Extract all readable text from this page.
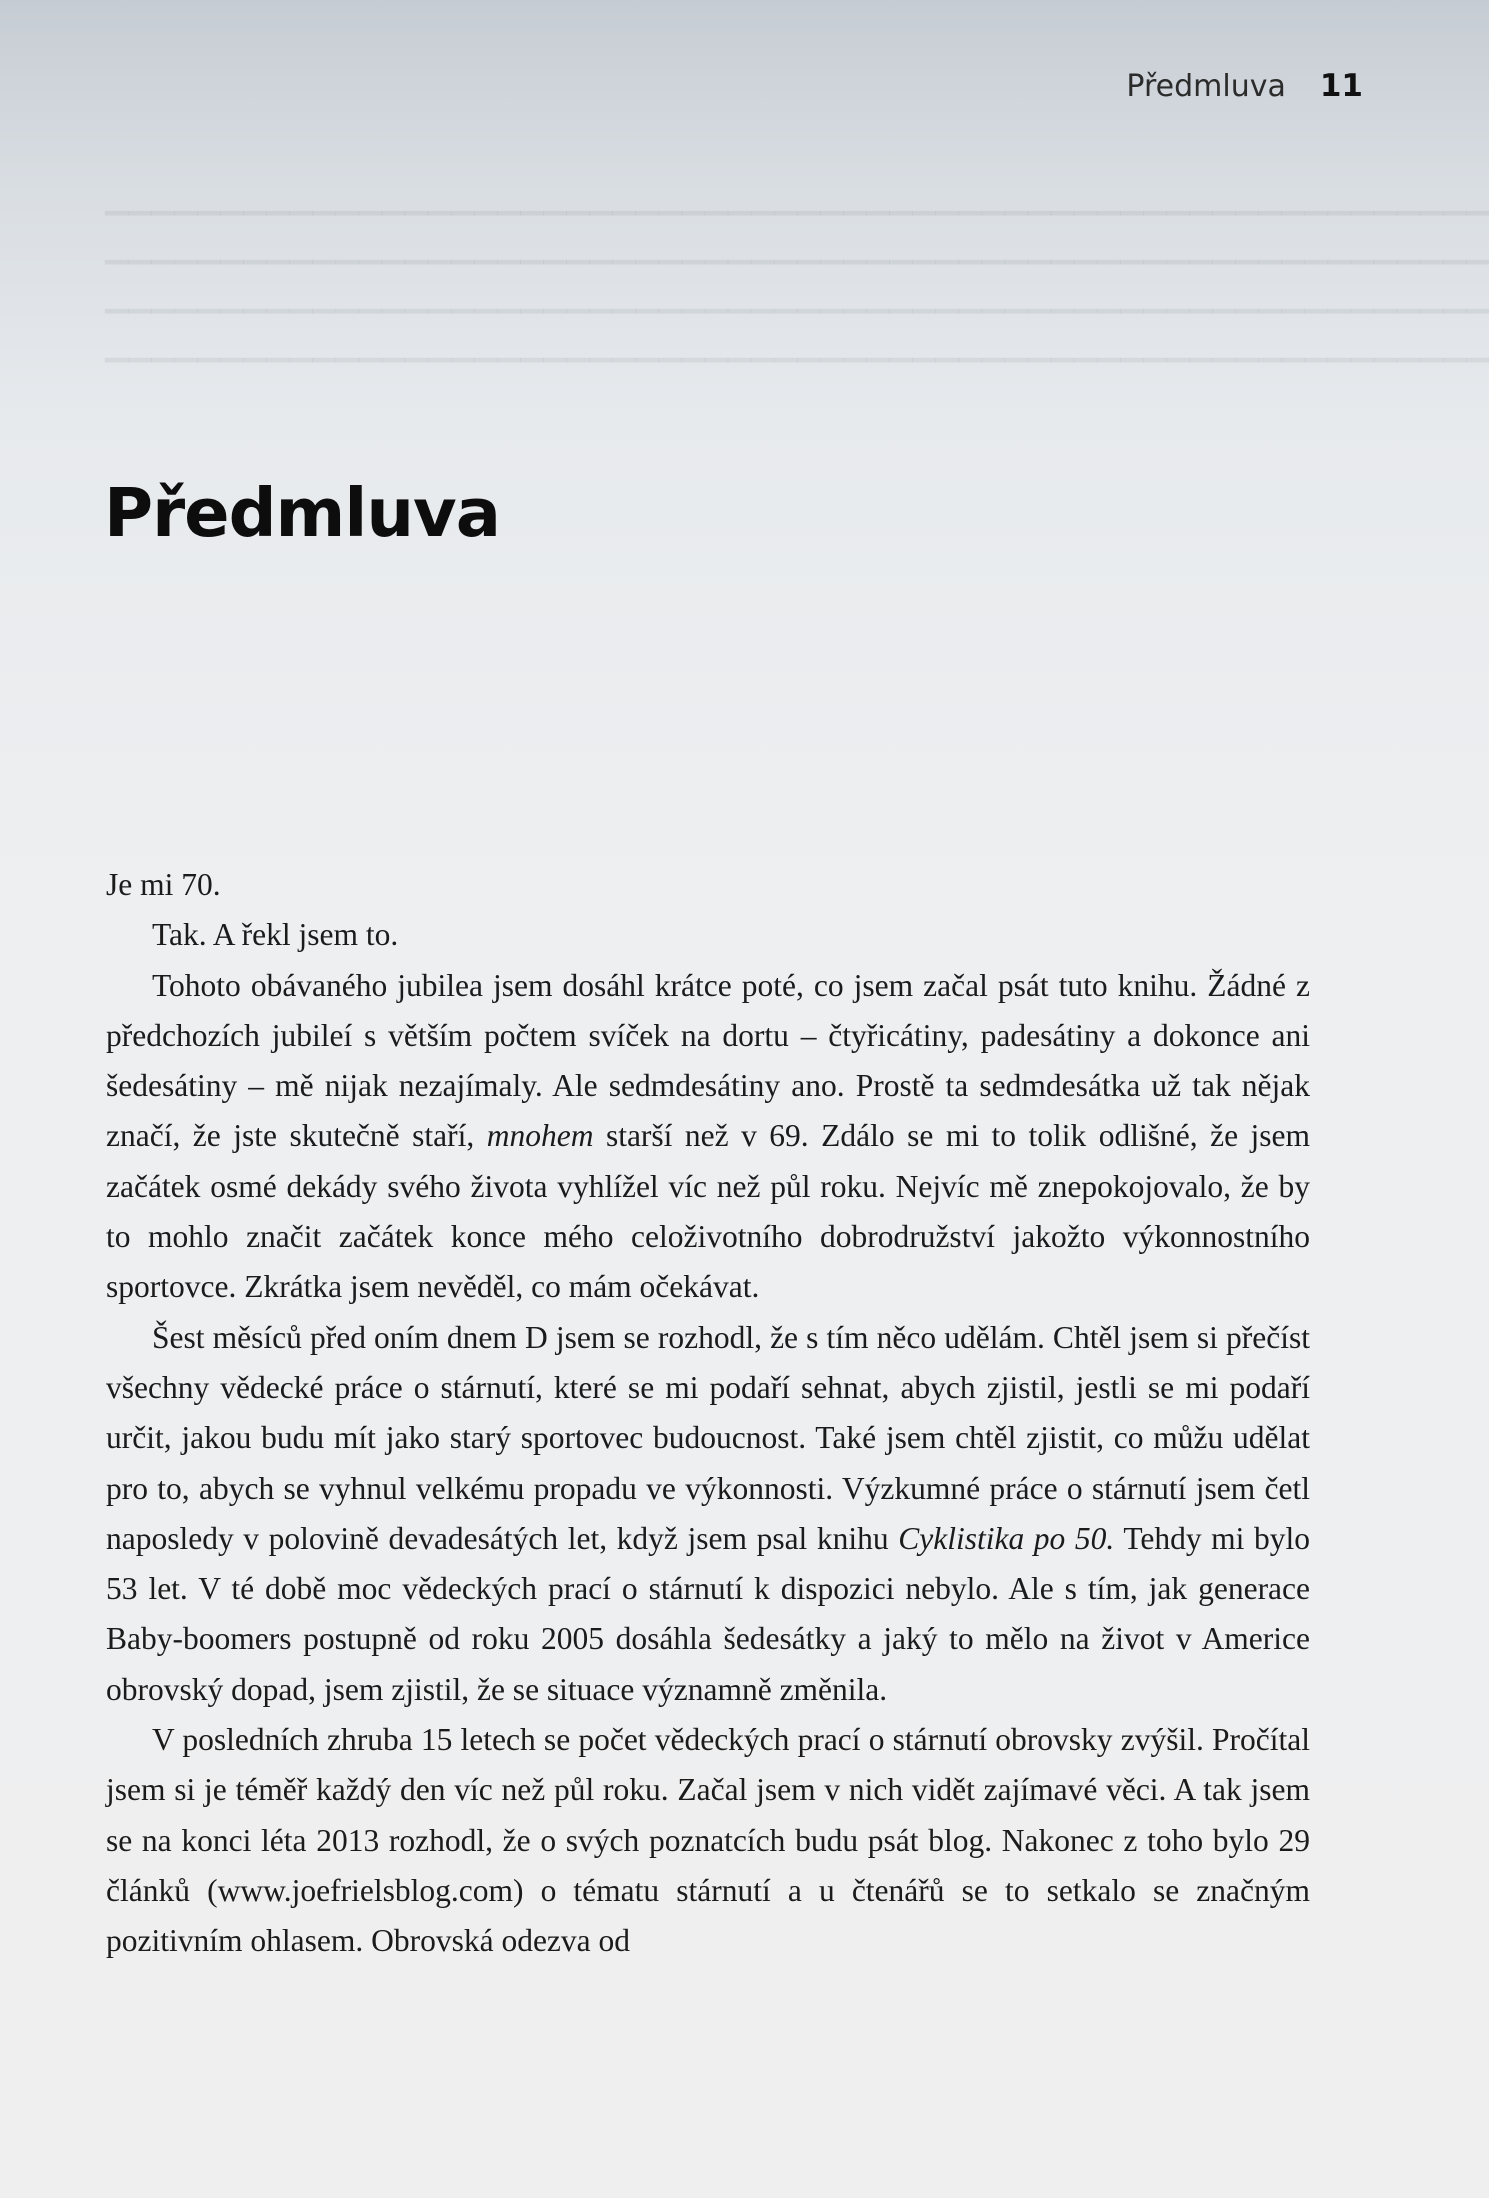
Předmluva 11
▔▔▔▔▔▔▔▔▔▔▔▔▔▔▔▔▔▔▔▔▔▔▔▔▔▔▔▔▔▔▔▔▔▔▔▔▔▔▔▔▔▔▔▔▔▔▔▔▔▔▔▔▔▔▔▔▔▔▔▔
▔▔▔▔▔▔▔▔▔▔▔▔▔▔▔▔▔▔▔▔▔▔▔▔▔▔▔▔▔▔▔▔▔▔▔▔▔▔▔▔▔▔▔▔▔▔▔▔▔▔▔▔▔▔▔▔▔▔▔▔
▔▔▔▔▔▔▔▔▔▔▔▔▔▔▔▔▔▔▔▔▔▔▔▔▔▔▔▔▔▔▔▔▔▔▔▔▔▔▔▔▔▔▔▔▔▔▔▔▔▔▔▔▔▔▔▔▔▔▔▔
▔▔▔▔▔▔▔▔▔▔▔▔▔▔▔▔▔▔▔▔▔▔▔▔▔▔▔▔▔▔▔▔▔▔▔▔▔▔▔▔▔▔▔▔▔▔▔▔▔▔▔▔▔▔▔▔▔▔▔▔
Předmluva

Je mi 70.

Tak. A řekl jsem to.

Tohoto obávaného jubilea jsem dosáhl krátce poté, co jsem začal psát tuto knihu. Žádné z předchozích jubileí s větším počtem svíček na dortu – čtyřicátiny, padesátiny a dokonce ani šedesátiny – mě nijak nezajímaly. Ale sedmdesátiny ano. Prostě ta sedmdesátka už tak nějak značí, že jste skutečně staří, mnohem starší než v 69. Zdálo se mi to tolik odlišné, že jsem začátek osmé dekády svého života vyhlížel víc než půl roku. Nejvíc mě znepokojovalo, že by to mohlo značit začátek konce mého celoživotního dobrodružství jakožto výkonnostního sportovce. Zkrátka jsem nevěděl, co mám očekávat.

Šest měsíců před oním dnem D jsem se rozhodl, že s tím něco udělám. Chtěl jsem si přečíst všechny vědecké práce o stárnutí, které se mi podaří sehnat, abych zjistil, jestli se mi podaří určit, jakou budu mít jako starý sportovec budoucnost. Také jsem chtěl zjistit, co můžu udělat pro to, abych se vyhnul velkému propadu ve výkonnosti. Výzkumné práce o stárnutí jsem četl naposledy v polovině devadesátých let, když jsem psal knihu Cyklistika po 50. Tehdy mi bylo 53 let. V té době moc vědeckých prací o stárnutí k dispozici nebylo. Ale s tím, jak generace Baby-boomers postupně od roku 2005 dosáhla šedesátky a jaký to mělo na život v Americe obrovský dopad, jsem zjistil, že se situace významně změnila.

V posledních zhruba 15 letech se počet vědeckých prací o stárnutí obrovsky zvýšil. Pročítal jsem si je téměř každý den víc než půl roku. Začal jsem v nich vidět zajímavé věci. A tak jsem se na konci léta 2013 rozhodl, že o svých poznatcích budu psát blog. Nakonec z toho bylo 29 článků (www.joefrielsblog.com) o tématu stárnutí a u čtenářů se to setkalo se značným pozitivním ohlasem. Obrovská odezva od
